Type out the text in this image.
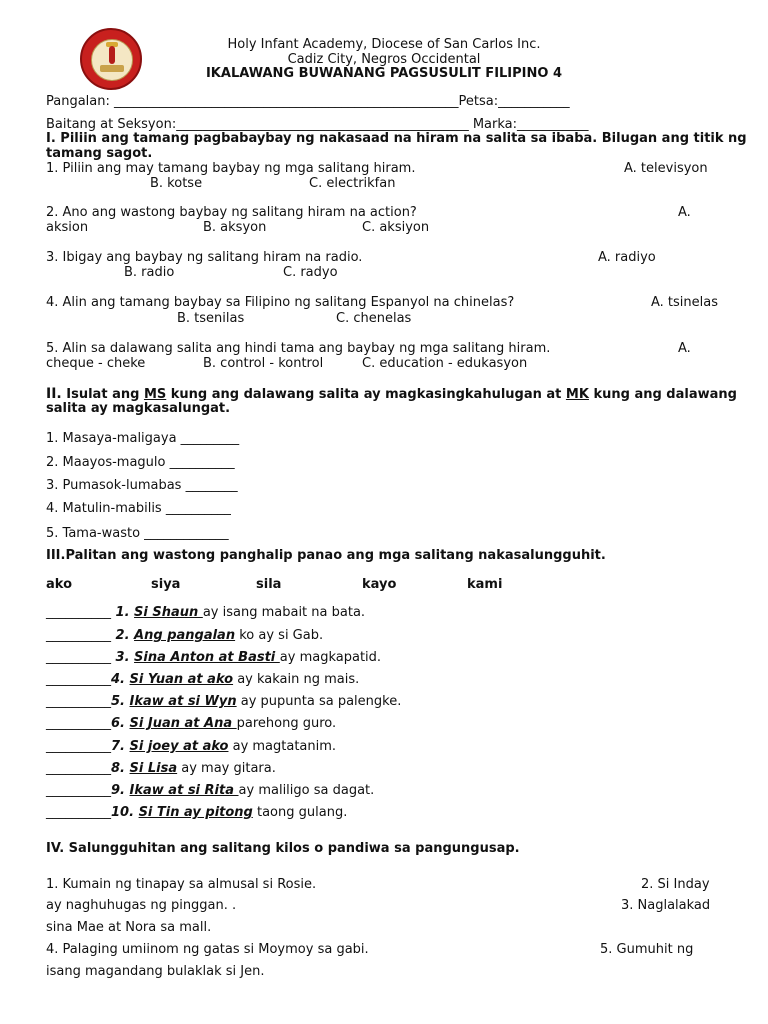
Holy Infant Academy, Diocese of San Carlos Inc.
Cadiz City, Negros Occidental
IKALAWANG BUWANANG PAGSUSULIT FILIPINO 4
Pangalan: _____________________________________________________Petsa:___________
Baitang at Seksyon:_____________________________________________ Marka:___________
I. Piliin ang tamang pagbabaybay ng nakasaad na hiram na salita sa ibaba. Bilugan ang titik ng
tamang sagot.
1. Piliin ang may tamang baybay ng mga salitang hiram.	A. televisyon
B. kotse	C. electrikfan
2. Ano ang wastong baybay ng salitang hiram na action?	A.
aksion	B. aksyon	C. aksiyon
3. Ibigay ang baybay ng salitang hiram na radio.	A. radiyo
B. radio	C. radyo
4. Alin ang tamang baybay sa Filipino ng salitang Espanyol na chinelas?	A. tsinelas
B. tsenilas	C. chenelas
5. Alin sa dalawang salita ang hindi tama ang baybay ng mga salitang hiram.	A.
cheque - cheke	B. control - kontrol	C. education - edukasyon
II. Isulat ang MS kung ang dalawang salita ay magkasingkahulugan at MK kung ang dalawang
salita ay magkasalungat.
1. Masaya-maligaya _________
2. Maayos-magulo __________
3. Pumasok-lumabas ________
4. Matulin-mabilis __________
5. Tama-wasto _____________
III.Palitan ang wastong panghalip panao ang mga salitang nakasalungguhit.
ako	siya	sila	kayo	kami
__________ 1. Si Shaun ay isang mabait na bata.
__________ 2. Ang pangalan ko ay si Gab.
__________ 3. Sina Anton at Basti ay magkapatid.
__________4. Si Yuan at ako ay kakain ng mais.
__________5. Ikaw at si Wyn ay pupunta sa palengke.
__________6. Si Juan at Ana parehong guro.
__________7. Si joey at ako ay magtatanim.
__________8. Si Lisa ay may gitara.
__________9. Ikaw at si Rita ay maliligo sa dagat.
__________10. Si Tin ay pitong taong gulang.
IV. Salungguhitan ang salitang kilos o pandiwa sa pangungusap.
1. Kumain ng tinapay sa almusal si Rosie.	2. Si Inday
ay naghuhugas ng pinggan. .	3. Naglalakad
sina Mae at Nora sa mall.
4. Palaging umiinom ng gatas si Moymoy sa gabi.	5. Gumuhit ng
isang magandang bulaklak si Jen.
